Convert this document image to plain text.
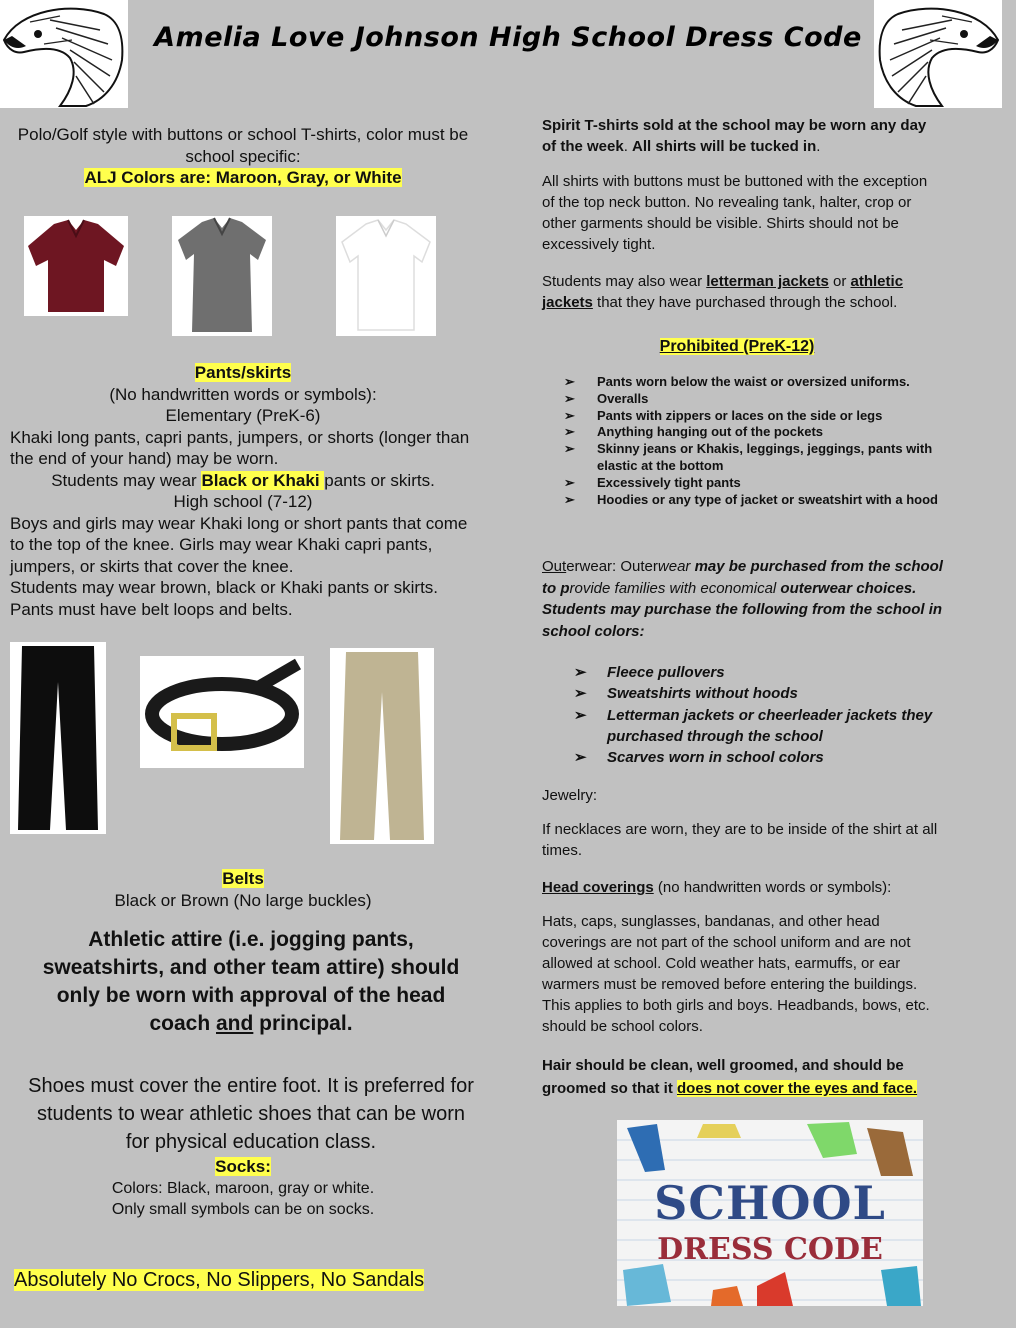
Amelia Love Johnson High School Dress Code
Polo/Golf style with buttons or school T-shirts, color must be school specific:
ALJ Colors are: Maroon, Gray, or White
Pants/skirts
(No handwritten words or symbols):
Elementary (PreK-6)
Khaki long pants, capri pants, jumpers, or shorts (longer than the end of your hand) may be worn.
Students may wear Black or Khaki pants or skirts.
High school (7-12)
Boys and girls may wear Khaki long or short pants that come to the top of the knee. Girls may wear Khaki capri pants, jumpers, or skirts that cover the knee.
Students may wear brown, black or Khaki pants or skirts.
Pants must have belt loops and belts.
Belts
Black or Brown (No large buckles)
Athletic attire (i.e. jogging pants, sweatshirts, and other team attire) should only be worn with approval of the head coach and principal.
Shoes must cover the entire foot. It is preferred for students to wear athletic shoes that can be worn for physical education class.
Socks:
Colors: Black, maroon, gray or white.
Only small symbols can be on socks.
Absolutely No Crocs, No Slippers, No Sandals
Spirit T-shirts sold at the school may be worn any day of the week. All shirts will be tucked in.
All shirts with buttons must be buttoned with the exception of the top neck button. No revealing tank, halter, crop or other garments should be visible. Shirts should not be excessively tight.
Students may also wear letterman jackets or athletic jackets that they have purchased through the school.
Prohibited (PreK-12)
➢ Pants worn below the waist or oversized uniforms.
➢ Overalls
➢ Pants with zippers or laces on the side or legs
➢ Anything hanging out of the pockets
➢ Skinny jeans or Khakis, leggings, jeggings, pants with elastic at the bottom
➢ Excessively tight pants
➢ Hoodies or any type of jacket or sweatshirt with a hood
Outerwear: Outerwear may be purchased from the school to provide families with economical outerwear choices. Students may purchase the following from the school in school colors:
➢ Fleece pullovers
➢ Sweatshirts without hoods
➢ Letterman jackets or cheerleader jackets they purchased through the school
➢ Scarves worn in school colors
Jewelry:
If necklaces are worn, they are to be inside of the shirt at all times.
Head coverings (no handwritten words or symbols):
Hats, caps, sunglasses, bandanas, and other head coverings are not part of the school uniform and are not allowed at school. Cold weather hats, earmuffs, or ear warmers must be removed before entering the buildings. This applies to both girls and boys. Headbands, bows, etc. should be school colors.
Hair should be clean, well groomed, and should be groomed so that it does not cover the eyes and face.
SCHOOL
DRESS CODE
